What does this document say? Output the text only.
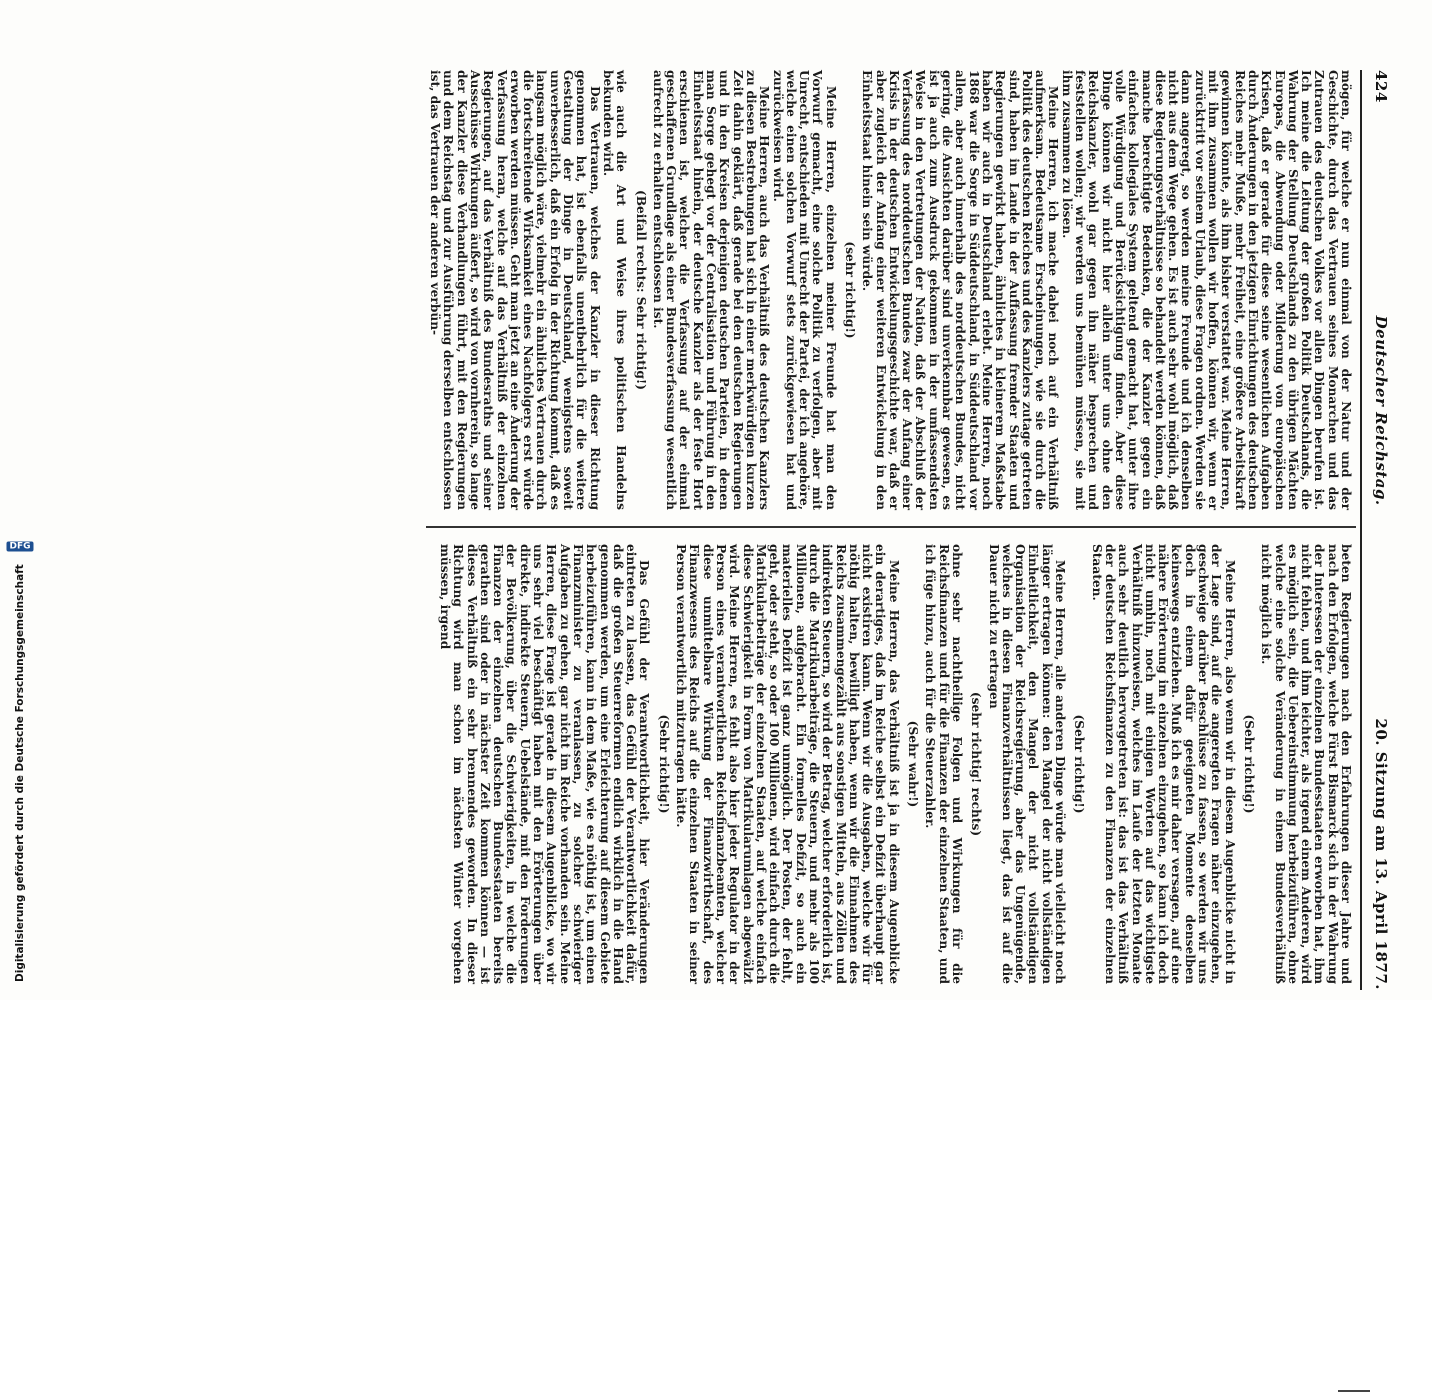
424
Deutscher Reichstag.
20. Sitzung am 13. April 1877.

mögen, für welche er nun einmal von der Natur und der Geschichte, durch das Vertrauen seines Monarchen und das Zutrauen des deutschen Volkes vor allen Dingen berufen ist. Ich meine die Leitung der großen Politik Deutschlands, die Wahrung der Stellung Deutschlands zu den übrigen Mächten Europas, die Abwendung oder Milderung von europäischen Krisen, daß er gerade für diese seine wesentlichen Aufgaben durch Änderungen in den jetzigen Einrichtungen des deutschen Reiches mehr Muße, mehr Freiheit, eine größere Arbeitskraft gewinnen könnte, als ihm bisher verstattet war. Meine Herren, mit ihm zusammen wollen wir hoffen, können wir, wenn er zurücktritt vor seinem Urlaub, diese Fragen ordnen. Werden sie dann angeregt, so werden meine Freunde und ich denselben nicht aus dem Wege gehen. Es ist auch sehr wohl möglich, daß diese Regierungsverhältnisse so behandelt werden können, daß manche berechtigte Bedenken, die der Kanzler gegen ein einfaches kollegiales System geltend gemacht hat, unter ihre volle Würdigung und Berücksichtigung finden. Aber diese Dinge können wir nicht hier allein unter uns ohne den Reichskanzler, wohl gar gegen ihn näher besprechen und feststellen wollen; wir werden uns bemühen müssen, sie mit ihm zusammen zu lösen.

Meine Herren, ich mache dabei noch auf ein Verhältniß aufmerksam. Bedeutsame Erscheinungen, wie sie durch die Politik des deutschen Reiches und des Kanzlers zutage getreten sind, haben im Lande in der Auffassung fremder Staaten und Regierungen gewirkt haben, ähnliches in kleinerem Maßstabe haben wir auch in Deutschland erlebt. Meine Herren, noch 1868 war die Sorge in Süddeutschland, in Süddeutschland vor allem, aber auch innerhalb des norddeutschen Bundes, nicht gering, die Ansichten darüber sind unverkennbar gewesen, es ist ja auch zum Ausdruck gekommen in der umfassendsten Weise in den Vertretungen der Nation, daß der Abschluß der Verfassung des norddeutschen Bundes zwar der Anfang einer Krisis in der deutschen Entwickelungsgeschichte war, daß er aber zugleich der Anfang einer weiteren Entwickelung in den Einheitsstaat hinein sein würde.

(sehr richtig!)

Meine Herren, einzelnen meiner Freunde hat man den Vorwurf gemacht, eine solche Politik zu verfolgen, aber mit Unrecht, entschieden mit Unrecht der Partei, der ich angehöre, welche einen solchen Vorwurf stets zurückgewiesen hat und zurückweisen wird.

Meine Herren, auch das Verhältniß des deutschen Kanzlers zu diesen Bestrebungen hat sich in einer merkwürdigen kurzen Zeit dahin geklärt, daß gerade bei den deutschen Regierungen und in den Kreisen derjenigen deutschen Parteien, in denen man Sorge gehegt vor der Centralisation und Führung in den Einheitsstaat hinein, der deutsche Kanzler als der feste Hort erschienen ist, welcher die Verfassung auf der einmal geschaffenen Grundlage als einer Bundesverfassung wesentlich aufrecht zu erhalten entschlossen ist.

(Beifall rechts: Sehr richtig!)

wie auch die Art und Weise ihres politischen Handelns bekunden wird.

Das Vertrauen, welches der Kanzler in dieser Richtung genommen hat, ist ebenfalls unentbehrlich für die weitere Gestaltung der Dinge in Deutschland, wenigstens soweit unverbesserlich, daß ein Erfolg in der Richtung kommt, daß es langsam möglich wäre, vielmehr ein ähnliches Vertrauen durch die fortschreitende Wirksamkeit eines Nachfolgers erst würde erworben werden müssen. Geht man jetzt an eine Änderung der Verfassung heran, welche auf das Verhältniß der einzelnen Regierungen, auf das Verhältniß des Bundesraths und seiner Ausschüsse Wirkungen äußert, so wird von vornherein, so lange der Kanzler diese Verhandlungen führt, mit den Regierungen und dem Reichstag und zur Ausführung derselben entschlossen ist, das Vertrauen der anderen verbün-

beten Regierungen nach den Erfahrungen dieser Jahre und nach den Erfolgen, welche Fürst Bismarck sich in der Wahrung der Interessen der einzelnen Bundesstaaten erworben hat, ihm nicht fehlen, und ihm leichter, als irgend einem Anderen, wird es möglich sein, die Uebereinstimmung herbeizuführen, ohne welche eine solche Veränderung in einem Bundesverhältniß nicht möglich ist.

(Sehr richtig!)

Meine Herren, also wenn wir in diesem Augenblicke nicht in der Lage sind, auf die angeregten Fragen näher einzugehen, geschweige darüber Beschlüsse zu fassen, so werden wir uns doch in einem dafür geeigneten Momente denselben keineswegs entziehen. Muß ich es mir daher versagen, auf eine nähere Erörterung im einzelnen einzugehen, so kann ich doch nicht umhin, noch mit einigen Worten auf das wichtigste Verhältniß hinzuweisen, welches im Laufe der letzten Monate auch sehr deutlich hervorgetreten ist: das ist das Verhältniß der deutschen Reichsfinanzen zu den Finanzen der einzelnen Staaten.

(Sehr richtig!)

Meine Herren, alle anderen Dinge würde man vielleicht noch länger ertragen können: den Mangel der nicht vollständigen Einheitlichkeit, den Mangel der nicht vollständigen Organisation der Reichsregierung, aber das Ungenügende, welches in diesen Finanzverhältnissen liegt, das ist auf die Dauer nicht zu ertragen

(sehr richtig! rechts)

ohne sehr nachtheilige Folgen und Wirkungen für die Reichsfinanzen und für die Finanzen der einzelnen Staaten, und ich füge hinzu, auch für die Steuerzahler.

(Sehr wahr!)

Meine Herren, das Verhältniß ist ja in diesem Augenblicke ein derartiges, daß im Reiche selbst ein Defizit überhaupt gar nicht existiren kann. Wenn wir die Ausgaben, welche wir für nöthig halten, bewilligt haben, wenn wir die Einnahmen des Reichs zusammengezählt aus sonstigen Mitteln, aus Zöllen und indirekten Steuern, so wird der Betrag, welcher erforderlich ist, durch die Matrikularbeiträge, die Steuern, und mehr als 100 Millionen, aufgebracht. Ein formelles Defizit, so auch ein materielles Defizit ist ganz unmöglich. Der Posten, der fehlt, geht, oder steht, so oder 100 Millionen, wird einfach durch die Matrikularbeiträge der einzelnen Staaten, auf welche einfach diese Schwierigkeit in Form von Matrikularumlagen abgewälzt wird. Meine Herren, es fehlt also hier jeder Regulator in der Person eines verantwortlichen Reichsfinanzbeamten, welcher diese unmittelbare Wirkung der Finanzwirthschaft, des Finanzwesens des Reichs auf die einzelnen Staaten in seiner Person verantwortlich mitzutragen hätte.

(Sehr richtig!)

Das Gefühl der Verantwortlichkeit, hier Veränderungen eintreten zu lassen, das Gefühl der Verantwortlichkeit dafür, daß die großen Steuerreformen endlich wirklich in die Hand genommen werden, um eine Erleichterung auf diesem Gebiete herbeizuführen, kann in dem Maße, wie es nöthig ist, um einen Finanzminister zu veranlassen, zu solcher schwieriger Aufgaben zu gehen, gar nicht im Reiche vorhanden sein. Meine Herren, diese Frage ist gerade in diesem Augenblicke, wo wir uns sehr viel beschäftigt haben mit den Erörterungen über direkte, indirekte Steuern, Uebelstände, mit den Forderungen der Bevölkerung, über die Schwierigkeiten, in welche die Finanzen der einzelnen deutschen Bundesstaaten bereits gerathen sind oder in nächster Zeit kommen können — ist dieses Verhältniß ein sehr brennendes geworden. In dieser Richtung wird man schon im nächsten Winter vorgehen müssen, irgend

Digitalisierung gefördert durch die Deutsche Forschungsgemeinschaft
DFG
